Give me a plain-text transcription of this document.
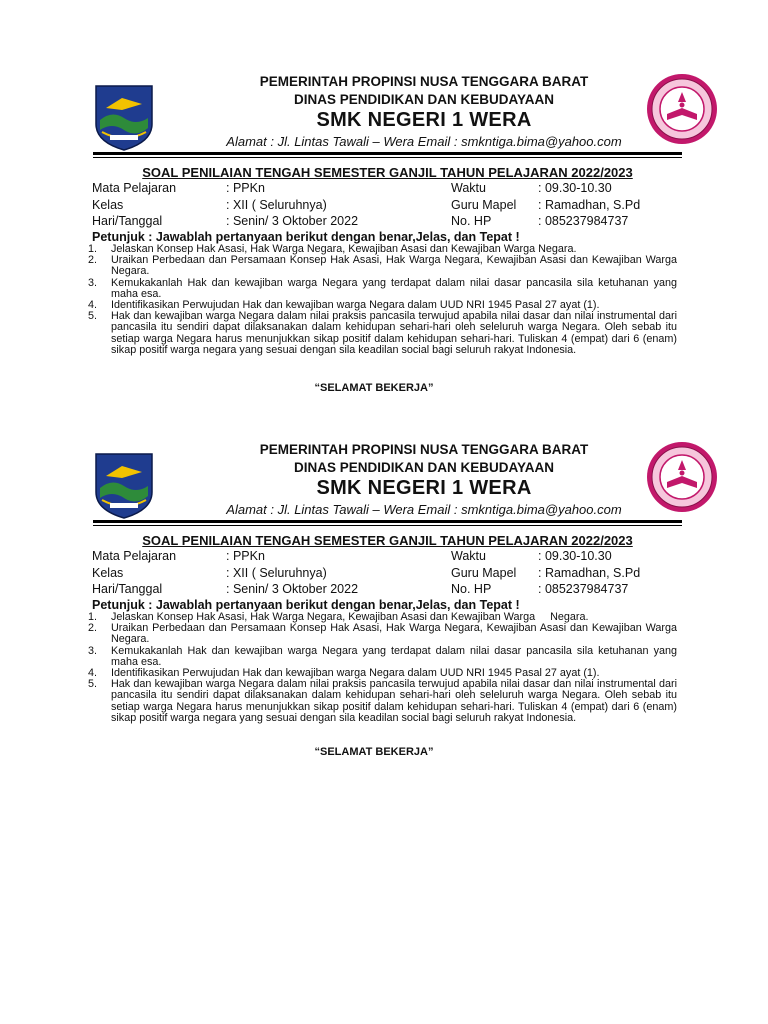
PEMERINTAH PROPINSI NUSA TENGGARA BARAT
DINAS PENDIDIKAN DAN KEBUDAYAAN
SMK NEGERI 1 WERA
Alamat : Jl. Lintas Tawali – Wera Email : smkntiga.bima@yahoo.com
SOAL PENILAIAN TENGAH SEMESTER GANJIL TAHUN PELAJARAN 2022/2023
Mata Pelajaran	: PPKn	Waktu	: 09.30-10.30
Kelas	: XII ( Seluruhnya)	Guru Mapel : Ramadhan, S.Pd
Hari/Tanggal	: Senin/ 3 Oktober 2022	No. HP	: 085237984737
Petunjuk : Jawablah pertanyaan berikut dengan benar,Jelas, dan Tepat !
1. Jelaskan Konsep Hak Asasi, Hak Warga Negara, Kewajiban Asasi dan Kewajiban Warga Negara.
2. Uraikan Perbedaan dan Persamaan Konsep Hak Asasi, Hak Warga Negara, Kewajiban Asasi dan Kewajiban Warga Negara.
3. Kemukakanlah Hak dan kewajiban warga Negara yang terdapat dalam nilai dasar pancasila sila ketuhanan yang maha esa.
4. Identifikasikan Perwujudan Hak dan kewajiban warga Negara dalam UUD NRI 1945 Pasal 27 ayat (1).
5. Hak dan kewajiban warga Negara dalam nilai praksis pancasila terwujud apabila nilai dasar dan nilai instrumental dari pancasila itu sendiri dapat dilaksanakan dalam kehidupan sehari-hari oleh seleluruh warga Negara. Oleh sebab itu setiap warga Negara harus menunjukkan sikap positif dalam kehidupan sehari-hari. Tuliskan 4 (empat) dari 6 (enam) sikap positif warga negara yang sesuai dengan sila keadilan social bagi seluruh rakyat Indonesia.
“SELAMAT BEKERJA”
PEMERINTAH PROPINSI NUSA TENGGARA BARAT
DINAS PENDIDIKAN DAN KEBUDAYAAN
SMK NEGERI 1 WERA
Alamat : Jl. Lintas Tawali – Wera Email : smkntiga.bima@yahoo.com
SOAL PENILAIAN TENGAH SEMESTER GANJIL TAHUN PELAJARAN 2022/2023
Mata Pelajaran	: PPKn	Waktu	: 09.30-10.30
Kelas	: XII ( Seluruhnya)	Guru Mapel : Ramadhan, S.Pd
Hari/Tanggal	: Senin/ 3 Oktober 2022	No. HP	: 085237984737
Petunjuk : Jawablah pertanyaan berikut dengan benar,Jelas, dan Tepat !
1. Jelaskan Konsep Hak Asasi, Hak Warga Negara, Kewajiban Asasi dan Kewajiban Warga     Negara.
2. Uraikan Perbedaan dan Persamaan Konsep Hak Asasi, Hak Warga Negara, Kewajiban Asasi dan Kewajiban Warga Negara.
3. Kemukakanlah Hak dan kewajiban warga Negara yang terdapat dalam nilai dasar pancasila sila ketuhanan yang maha esa.
4. Identifikasikan Perwujudan Hak dan kewajiban warga Negara dalam UUD NRI 1945 Pasal 27 ayat (1).
5. Hak dan kewajiban warga Negara dalam nilai praksis pancasila terwujud apabila nilai dasar dan nilai instrumental dari pancasila itu sendiri dapat dilaksanakan dalam kehidupan sehari-hari oleh seleluruh warga Negara. Oleh sebab itu setiap warga Negara harus menunjukkan sikap positif dalam kehidupan sehari-hari. Tuliskan 4 (empat) dari 6 (enam) sikap positif warga negara yang sesuai dengan sila keadilan social bagi seluruh rakyat Indonesia.
“SELAMAT BEKERJA”
